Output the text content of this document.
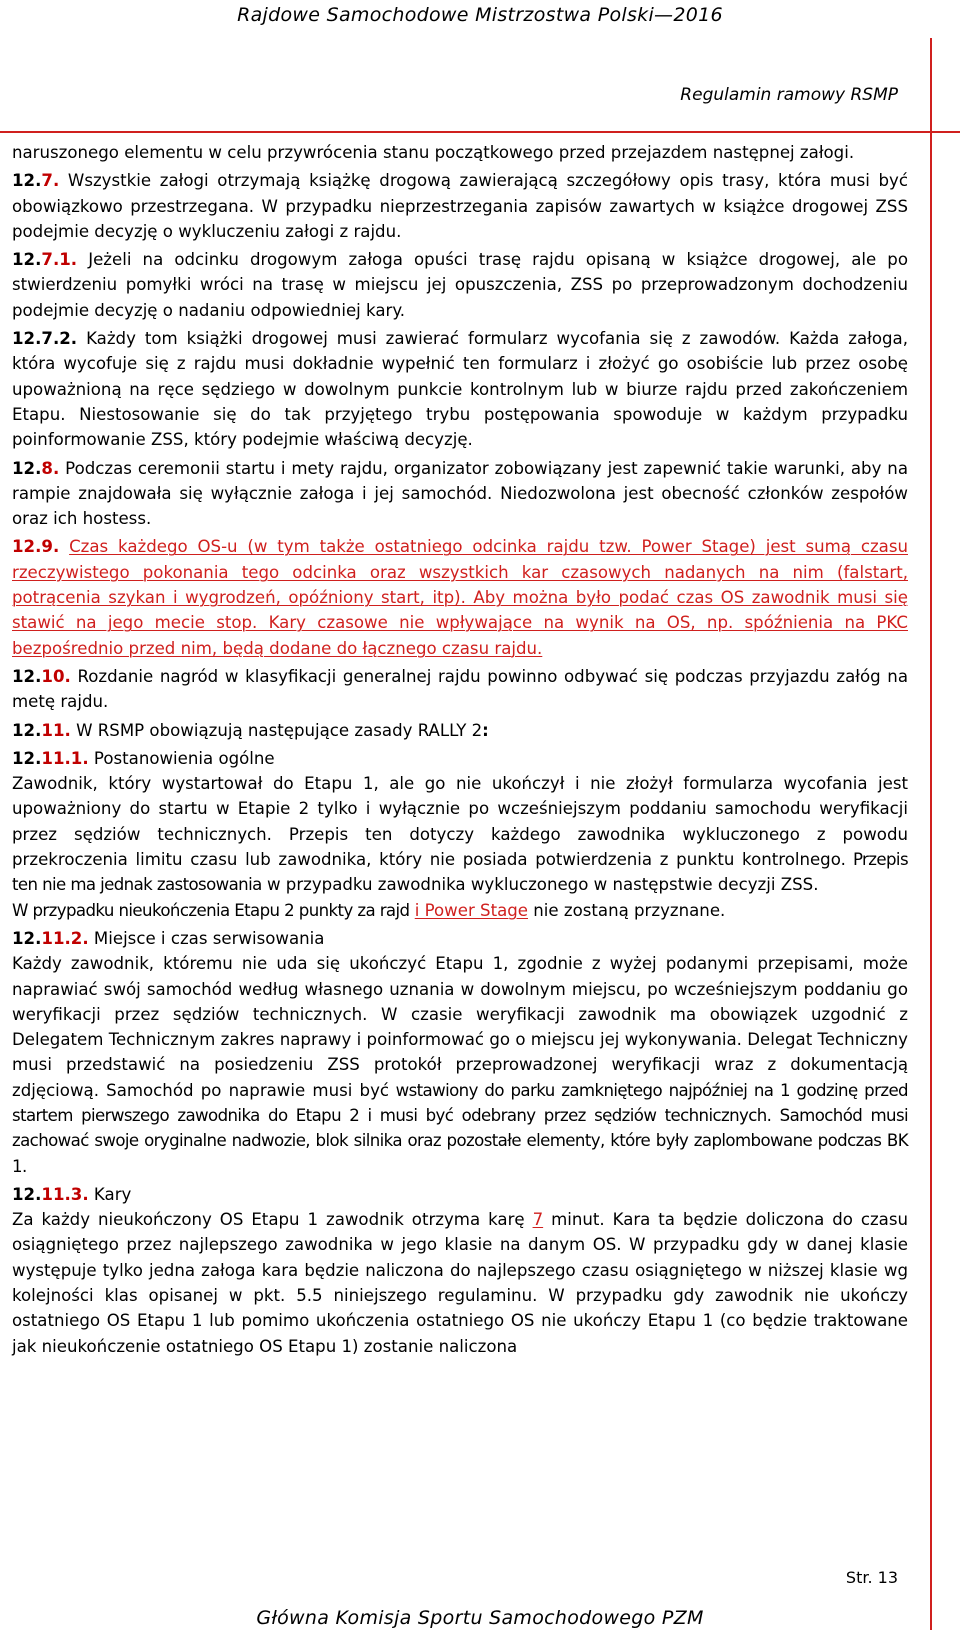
Rajdowe Samochodowe Mistrzostwa Polski—2016
Regulamin ramowy RSMP

naruszonego elementu w celu przywrócenia stanu początkowego przed przejazdem następnej załogi.

12.7. Wszystkie załogi otrzymają książkę drogową zawierającą szczegółowy opis trasy, która musi być obowiązkowo przestrzegana. W przypadku nieprzestrzegania zapisów zawartych w książce drogowej ZSS podejmie decyzję o wykluczeniu załogi z rajdu.

12.7.1. Jeżeli na odcinku drogowym załoga opuści trasę rajdu opisaną w książce drogowej, ale po stwierdzeniu pomyłki wróci na trasę w miejscu jej opuszczenia, ZSS po przeprowadzonym dochodzeniu podejmie decyzję o nadaniu odpowiedniej kary.

12.7.2. Każdy tom książki drogowej musi zawierać formularz wycofania się z zawodów. Każda załoga, która wycofuje się z rajdu musi dokładnie wypełnić ten formularz i złożyć go osobiście lub przez osobę upoważnioną na ręce sędziego w dowolnym punkcie kontrolnym lub w biurze rajdu przed zakończeniem Etapu. Niestosowanie się do tak przyjętego trybu postępowania spowoduje w każdym przypadku poinformowanie ZSS, który podejmie właściwą decyzję.

12.8. Podczas ceremonii startu i mety rajdu, organizator zobowiązany jest zapewnić takie warunki, aby na rampie znajdowała się wyłącznie załoga i jej samochód. Niedozwolona jest obecność członków zespołów oraz ich hostess.

12.9. Czas każdego OS-u (w tym także ostatniego odcinka rajdu tzw. Power Stage) jest sumą czasu rzeczywistego pokonania tego odcinka oraz wszystkich kar czasowych nadanych na nim (falstart, potrącenia szykan i wygrodzeń, opóźniony start, itp). Aby można było podać czas OS zawodnik musi się stawić na jego mecie stop. Kary czasowe nie wpływające na wynik na OS, np. spóźnienia na PKC bezpośrednio przed nim, będą dodane do łącznego czasu rajdu.

12.10. Rozdanie nagród w klasyfikacji generalnej rajdu powinno odbywać się podczas przyjazdu załóg na metę rajdu.

12.11. W RSMP obowiązują następujące zasady RALLY 2:

12.11.1. Postanowienia ogólne

Zawodnik, który wystartował do Etapu 1, ale go nie ukończył i nie złożył formularza wycofania jest upoważniony do startu w Etapie 2 tylko i wyłącznie po wcześniejszym poddaniu samochodu weryfikacji przez sędziów technicznych. Przepis ten dotyczy każdego zawodnika wykluczonego z powodu przekroczenia limitu czasu lub zawodnika, który nie posiada potwierdzenia z punktu kontrolnego. Przepis ten nie ma jednak zastosowania w przypadku zawodnika wykluczonego w następstwie decyzji ZSS.
W przypadku nieukończenia Etapu 2 punkty za rajd i Power Stage nie zostaną przyznane.

12.11.2. Miejsce i czas serwisowania

Każdy zawodnik, któremu nie uda się ukończyć Etapu 1, zgodnie z wyżej podanymi przepisami, może naprawiać swój samochód według własnego uznania w dowolnym miejscu, po wcześniejszym poddaniu go weryfikacji przez sędziów technicznych. W czasie weryfikacji zawodnik ma obowiązek uzgodnić z Delegatem Technicznym zakres naprawy i poinformować go o miejscu jej wykonywania. Delegat Techniczny musi przedstawić na posiedzeniu ZSS protokół przeprowadzonej weryfikacji wraz z dokumentacją zdjęciową. Samochód po naprawie musi być wstawiony do parku zamkniętego najpóźniej na 1 godzinę przed startem pierwszego zawodnika do Etapu 2 i musi być odebrany przez sędziów technicznych. Samochód musi zachować swoje oryginalne nadwozie, blok silnika oraz pozostałe elementy, które były zaplombowane podczas BK 1.

12.11.3. Kary

Za każdy nieukończony OS Etapu 1 zawodnik otrzyma karę 7 minut. Kara ta będzie doliczona do czasu osiągniętego przez najlepszego zawodnika w jego klasie na danym OS. W przypadku gdy w danej klasie występuje tylko jedna załoga kara będzie naliczona do najlepszego czasu osiągniętego w niższej klasie wg kolejności klas opisanej w pkt. 5.5 niniejszego regulaminu. W przypadku gdy zawodnik nie ukończy ostatniego OS Etapu 1 lub pomimo ukończenia ostatniego OS nie ukończy Etapu 1 (co będzie traktowane jak nieukończenie ostatniego OS Etapu 1) zostanie naliczona

Str. 13
Główna Komisja Sportu Samochodowego PZM
